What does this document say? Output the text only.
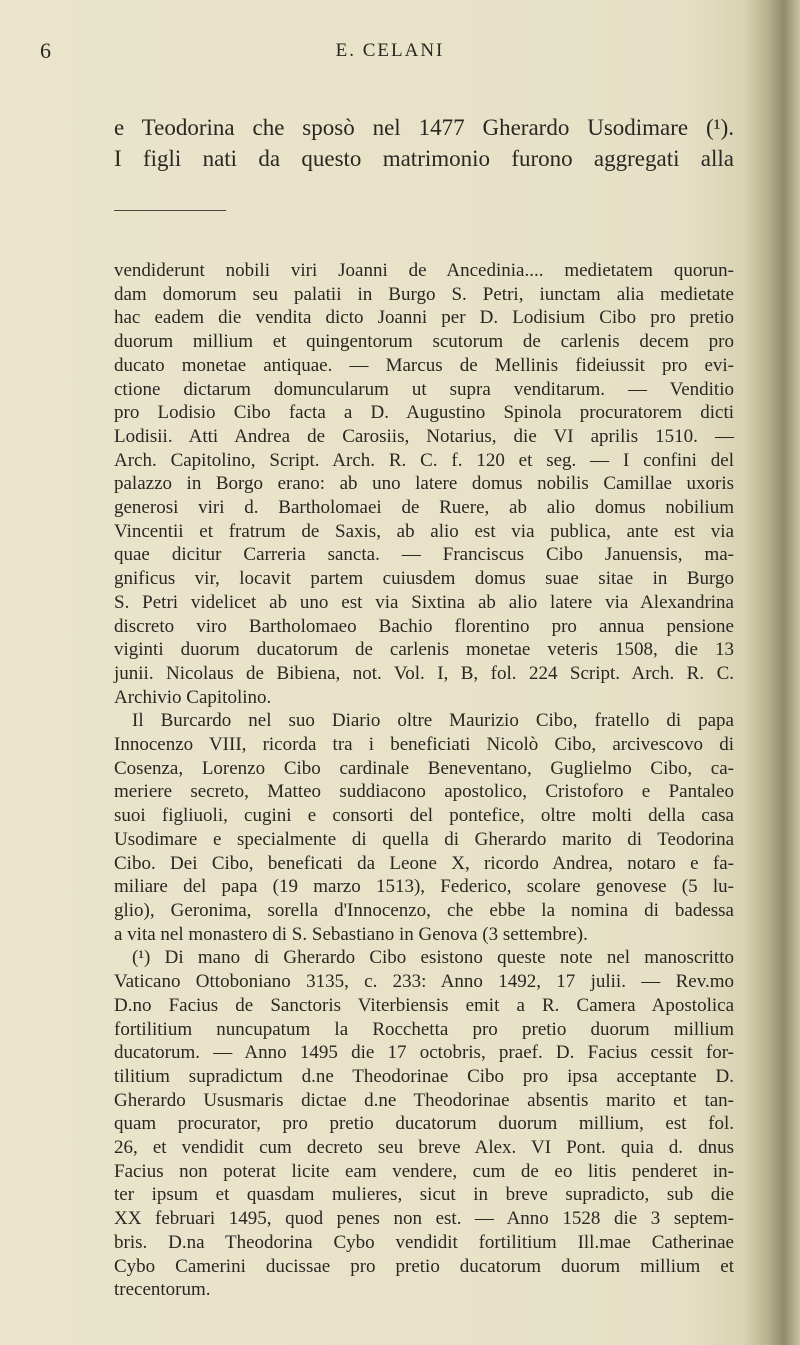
6	E. CELANI
e Teodorina che sposò nel 1477 Gherardo Usodimare (¹).
I figli nati da questo matrimonio furono aggregati alla
vendiderunt nobili viri Joanni de Ancedinia.... medietatem quorun-
dam domorum seu palatii in Burgo S. Petri, iunctam alia medietate
hac eadem die vendita dicto Joanni per D. Lodisium Cibo pro pretio
duorum millium et quingentorum scutorum de carlenis decem pro
ducato monetae antiquae. — Marcus de Mellinis fideiussit pro evi-
ctione dictarum domuncularum ut supra venditarum. — Venditio
pro Lodisio Cibo facta a D. Augustino Spinola procuratorem dicti
Lodisii. Atti Andrea de Carosiis, Notarius, die VI aprilis 1510. —
Arch. Capitolino, Script. Arch. R. C. f. 120 et seg. — I confini del
palazzo in Borgo erano: ab uno latere domus nobilis Camillae uxoris
generosi viri d. Bartholomaei de Ruere, ab alio domus nobilium
Vincentii et fratrum de Saxis, ab alio est via publica, ante est via
quae dicitur Carreria sancta. — Franciscus Cibo Januensis, ma-
gnificus vir, locavit partem cuiusdem domus suae sitae in Burgo
S. Petri videlicet ab uno est via Sixtina ab alio latere via Alexandrina
discreto viro Bartholomaeo Bachio florentino pro annua pensione
viginti duorum ducatorum de carlenis monetae veteris 1508, die 13
junii. Nicolaus de Bibiena, not. Vol. I, B, fol. 224 Script. Arch. R. C.
Archivio Capitolino.
Il Burcardo nel suo Diario oltre Maurizio Cibo, fratello di papa
Innocenzo VIII, ricorda tra i beneficiati Nicolò Cibo, arcivescovo di
Cosenza, Lorenzo Cibo cardinale Beneventano, Guglielmo Cibo, ca-
meriere secreto, Matteo suddiacono apostolico, Cristoforo e Pantaleo
suoi figliuoli, cugini e consorti del pontefice, oltre molti della casa
Usodimare e specialmente di quella di Gherardo marito di Teodorina
Cibo. Dei Cibo, beneficati da Leone X, ricordo Andrea, notaro e fa-
miliare del papa (19 marzo 1513), Federico, scolare genovese (5 lu-
glio), Geronima, sorella d'Innocenzo, che ebbe la nomina di badessa
a vita nel monastero di S. Sebastiano in Genova (3 settembre).
(¹) Di mano di Gherardo Cibo esistono queste note nel manoscritto
Vaticano Ottoboniano 3135, c. 233: Anno 1492, 17 julii. — Rev.mo
D.no Facius de Sanctoris Viterbiensis emit a R. Camera Apostolica
fortilitium nuncupatum la Rocchetta pro pretio duorum millium
ducatorum. — Anno 1495 die 17 octobris, praef. D. Facius cessit for-
tilitium supradictum d.ne Theodorinae Cibo pro ipsa acceptante D.
Gherardo Ususmaris dictae d.ne Theodorinae absentis marito et tan-
quam procurator, pro pretio ducatorum duorum millium, est fol.
26, et vendidit cum decreto seu breve Alex. VI Pont. quia d. dnus
Facius non poterat licite eam vendere, cum de eo litis penderet in-
ter ipsum et quasdam mulieres, sicut in breve supradicto, sub die
XX februari 1495, quod penes non est. — Anno 1528 die 3 septem-
bris. D.na Theodorina Cybo vendidit fortilitium Ill.mae Catherinae
Cybo Camerini ducissae pro pretio ducatorum duorum millium et
trecentorum.
